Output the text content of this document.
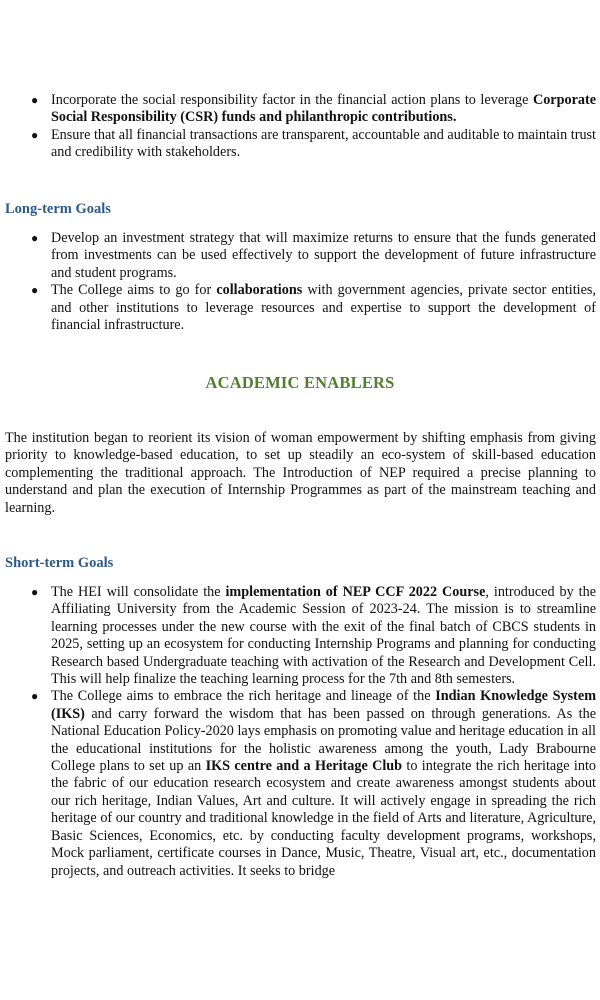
● Incorporate the social responsibility factor in the financial action plans to leverage Corporate Social Responsibility (CSR) funds and philanthropic contributions.
● Ensure that all financial transactions are transparent, accountable and auditable to maintain trust and credibility with stakeholders.
Long-term Goals
● Develop an investment strategy that will maximize returns to ensure that the funds generated from investments can be used effectively to support the development of future infrastructure and student programs.
● The College aims to go for collaborations with government agencies, private sector entities, and other institutions to leverage resources and expertise to support the development of financial infrastructure.
ACADEMIC ENABLERS
The institution began to reorient its vision of woman empowerment by shifting emphasis from giving priority to knowledge-based education, to set up steadily an eco-system of skill-based education complementing the traditional approach. The Introduction of NEP required a precise planning to understand and plan the execution of Internship Programmes as part of the mainstream teaching and learning.
Short-term Goals
● The HEI will consolidate the implementation of NEP CCF 2022 Course, introduced by the Affiliating University from the Academic Session of 2023-24. The mission is to streamline learning processes under the new course with the exit of the final batch of CBCS students in 2025, setting up an ecosystem for conducting Internship Programs and planning for conducting Research based Undergraduate teaching with activation of the Research and Development Cell. This will help finalize the teaching learning process for the 7th and 8th semesters.
● The College aims to embrace the rich heritage and lineage of the Indian Knowledge System (IKS) and carry forward the wisdom that has been passed on through generations. As the National Education Policy-2020 lays emphasis on promoting value and heritage education in all the educational institutions for the holistic awareness among the youth, Lady Brabourne College plans to set up an IKS centre and a Heritage Club to integrate the rich heritage into the fabric of our education research ecosystem and create awareness amongst students about our rich heritage, Indian Values, Art and culture. It will actively engage in spreading the rich heritage of our country and traditional knowledge in the field of Arts and literature, Agriculture, Basic Sciences, Economics, etc. by conducting faculty development programs, workshops, Mock parliament, certificate courses in Dance, Music, Theatre, Visual art, etc., documentation projects, and outreach activities. It seeks to bridge
